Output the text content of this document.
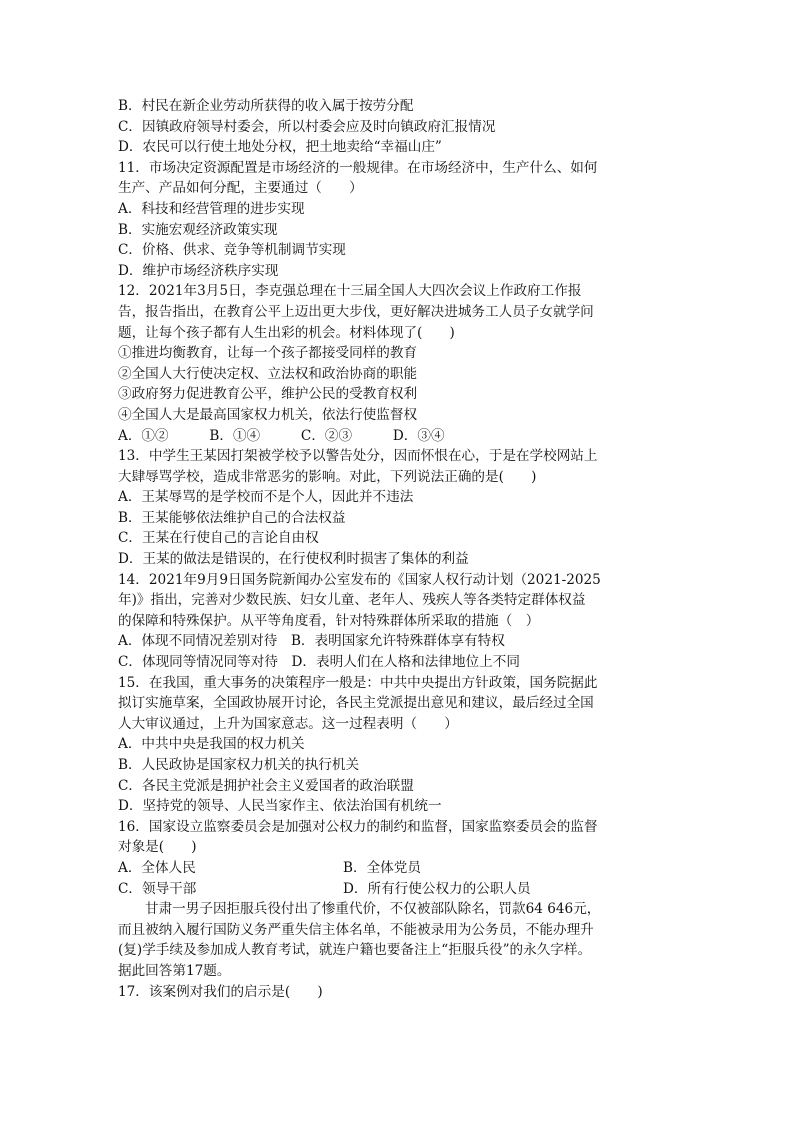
B．村民在新企业劳动所获得的收入属于按劳分配
C．因镇政府领导村委会，所以村委会应及时向镇政府汇报情况
D．农民可以行使土地处分权，把土地卖给“幸福山庄”
11．市场决定资源配置是市场经济的一般规律。在市场经济中，生产什么、如何
生产、产品如何分配，主要通过（　　）
A．科技和经营管理的进步实现
B．实施宏观经济政策实现
C．价格、供求、竞争等机制调节实现
D．维护市场经济秩序实现
12．2021年3月5日，李克强总理在十三届全国人大四次会议上作政府工作报
告，报告指出，在教育公平上迈出更大步伐，更好解决进城务工人员子女就学问
题，让每个孩子都有人生出彩的机会。材料体现了(　　)
①推进均衡教育，让每一个孩子都接受同样的教育
②全国人大行使决定权、立法权和政治协商的职能
③政府努力促进教育公平，维护公民的受教育权利
④全国人大是最高国家权力机关，依法行使监督权
A．①②　　　B．①④　　　C．②③　　　D．③④
13．中学生王某因打架被学校予以警告处分，因而怀恨在心，于是在学校网站上
大肆辱骂学校，造成非常恶劣的影响。对此，下列说法正确的是(　　)
A．王某辱骂的是学校而不是个人，因此并不违法
B．王某能够依法维护自己的合法权益
C．王某在行使自己的言论自由权
D．王某的做法是错误的，在行使权利时损害了集体的利益
14．2021年9月9日国务院新闻办公室发布的《国家人权行动计划（2021-2025
年)》指出，完善对少数民族、妇女儿童、老年人、残疾人等各类特定群体权益
的保障和特殊保护。从平等角度看，针对特殊群体所采取的措施（　）
A．体现不同情况差别对待　B．表明国家允许特殊群体享有特权
C．体现同等情况同等对待　D．表明人们在人格和法律地位上不同
15．在我国，重大事务的决策程序一般是：中共中央提出方针政策，国务院据此
拟订实施草案，全国政协展开讨论，各民主党派提出意见和建议，最后经过全国
人大审议通过，上升为国家意志。这一过程表明（　　）
A．中共中央是我国的权力机关
B．人民政协是国家权力机关的执行机关
C．各民主党派是拥护社会主义爱国者的政治联盟
D．坚持党的领导、人民当家作主、依法治国有机统一
16．国家设立监察委员会是加强对公权力的制约和监督，国家监察委员会的监督
对象是(　　)
A．全体人民	B．全体党员
C．领导干部	D．所有行使公权力的公职人员
甘肃一男子因拒服兵役付出了惨重代价，不仅被部队除名，罚款64 646元，
而且被纳入履行国防义务严重失信主体名单，不能被录用为公务员，不能办理升
(复)学手续及参加成人教育考试，就连户籍也要备注上“拒服兵役”的永久字样。
据此回答第17题。
17．该案例对我们的启示是(　　)
